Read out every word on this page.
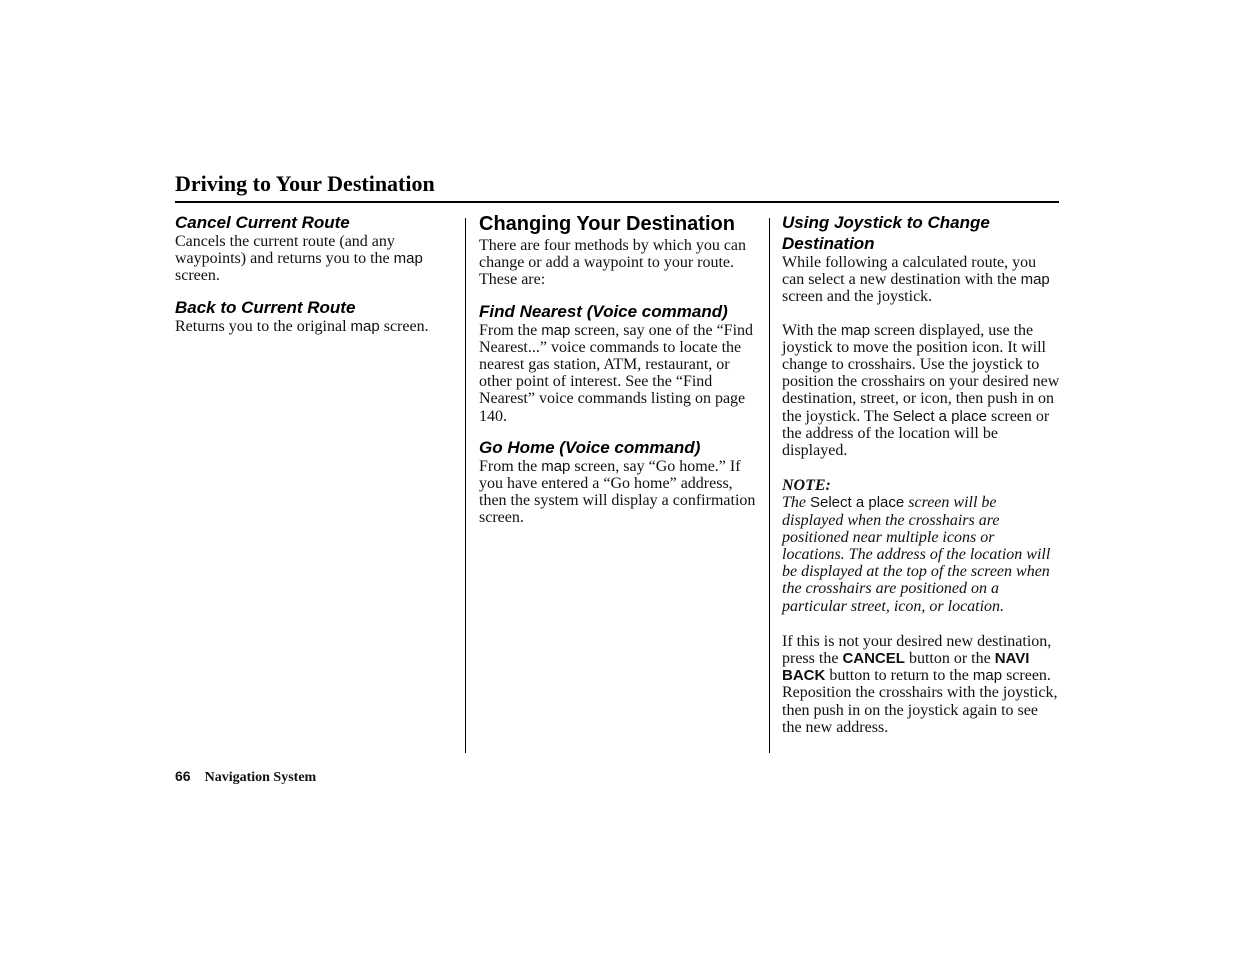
Driving to Your Destination
Cancel Current Route

Cancels the current route (and any waypoints) and returns you to the map screen.

Back to Current Route

Returns you to the original map screen.

Changing Your Destination

There are four methods by which you can change or add a waypoint to your route. These are:

Find Nearest (Voice command)

From the map screen, say one of the “Find Nearest...” voice commands to locate the nearest gas station, ATM, restaurant, or other point of interest. See the “Find Nearest” voice commands listing on page 140.

Go Home (Voice command)

From the map screen, say “Go home.” If you have entered a “Go home” address, then the system will display a confirmation screen.

Using Joystick to Change Destination

While following a calculated route, you can select a new destination with the map screen and the joystick.

With the map screen displayed, use the joystick to move the position icon. It will change to crosshairs. Use the joystick to position the crosshairs on your desired new destination, street, or icon, then push in on the joystick. The Select a place screen or the address of the location will be displayed.

NOTE:
The Select a place screen will be displayed when the crosshairs are positioned near multiple icons or locations. The address of the location will be displayed at the top of the screen when the crosshairs are positioned on a particular street, icon, or location.

If this is not your desired new destination, press the CANCEL button or the NAVI BACK button to return to the map screen. Reposition the crosshairs with the joystick, then push in on the joystick again to see the new address.

66 Navigation System
